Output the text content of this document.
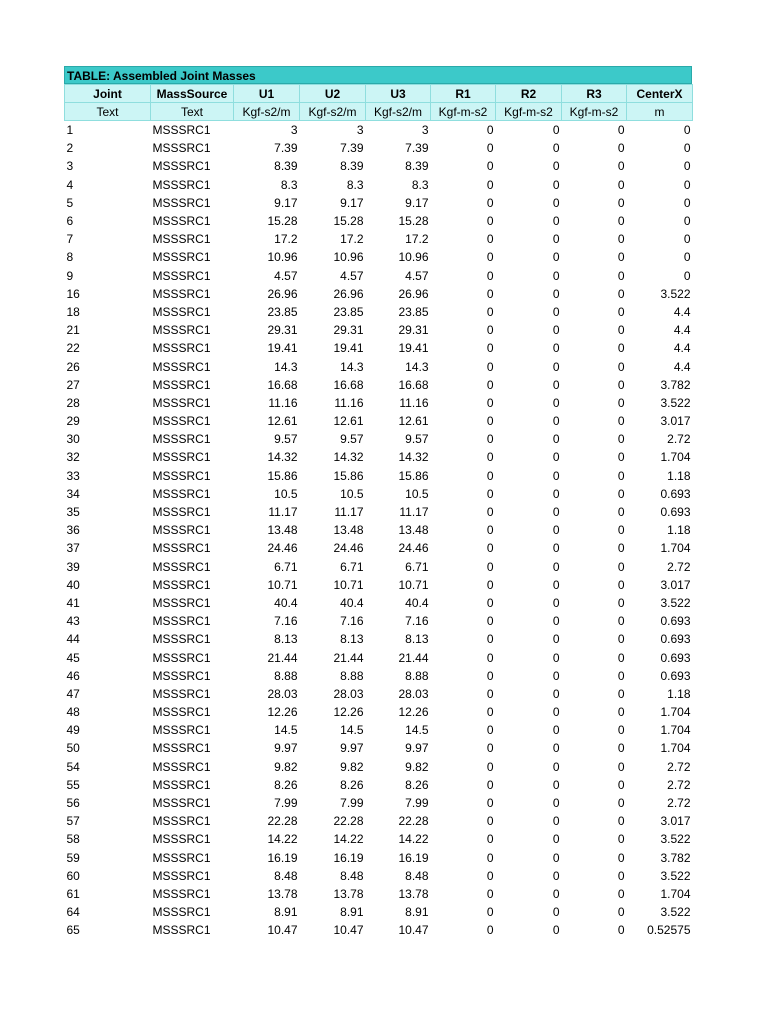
TABLE: Assembled Joint Masses
Joint	MassSource	U1	U2	U3	R1	R2	R3	CenterX
Text	Text	Kgf-s2/m	Kgf-s2/m	Kgf-s2/m	Kgf-m-s2	Kgf-m-s2	Kgf-m-s2	m
1	MSSSRC1	3	3	3	0	0	0	0
2	MSSSRC1	7.39	7.39	7.39	0	0	0	0
3	MSSSRC1	8.39	8.39	8.39	0	0	0	0
4	MSSSRC1	8.3	8.3	8.3	0	0	0	0
5	MSSSRC1	9.17	9.17	9.17	0	0	0	0
6	MSSSRC1	15.28	15.28	15.28	0	0	0	0
7	MSSSRC1	17.2	17.2	17.2	0	0	0	0
8	MSSSRC1	10.96	10.96	10.96	0	0	0	0
9	MSSSRC1	4.57	4.57	4.57	0	0	0	0
16	MSSSRC1	26.96	26.96	26.96	0	0	0	3.522
18	MSSSRC1	23.85	23.85	23.85	0	0	0	4.4
21	MSSSRC1	29.31	29.31	29.31	0	0	0	4.4
22	MSSSRC1	19.41	19.41	19.41	0	0	0	4.4
26	MSSSRC1	14.3	14.3	14.3	0	0	0	4.4
27	MSSSRC1	16.68	16.68	16.68	0	0	0	3.782
28	MSSSRC1	11.16	11.16	11.16	0	0	0	3.522
29	MSSSRC1	12.61	12.61	12.61	0	0	0	3.017
30	MSSSRC1	9.57	9.57	9.57	0	0	0	2.72
32	MSSSRC1	14.32	14.32	14.32	0	0	0	1.704
33	MSSSRC1	15.86	15.86	15.86	0	0	0	1.18
34	MSSSRC1	10.5	10.5	10.5	0	0	0	0.693
35	MSSSRC1	11.17	11.17	11.17	0	0	0	0.693
36	MSSSRC1	13.48	13.48	13.48	0	0	0	1.18
37	MSSSRC1	24.46	24.46	24.46	0	0	0	1.704
39	MSSSRC1	6.71	6.71	6.71	0	0	0	2.72
40	MSSSRC1	10.71	10.71	10.71	0	0	0	3.017
41	MSSSRC1	40.4	40.4	40.4	0	0	0	3.522
43	MSSSRC1	7.16	7.16	7.16	0	0	0	0.693
44	MSSSRC1	8.13	8.13	8.13	0	0	0	0.693
45	MSSSRC1	21.44	21.44	21.44	0	0	0	0.693
46	MSSSRC1	8.88	8.88	8.88	0	0	0	0.693
47	MSSSRC1	28.03	28.03	28.03	0	0	0	1.18
48	MSSSRC1	12.26	12.26	12.26	0	0	0	1.704
49	MSSSRC1	14.5	14.5	14.5	0	0	0	1.704
50	MSSSRC1	9.97	9.97	9.97	0	0	0	1.704
54	MSSSRC1	9.82	9.82	9.82	0	0	0	2.72
55	MSSSRC1	8.26	8.26	8.26	0	0	0	2.72
56	MSSSRC1	7.99	7.99	7.99	0	0	0	2.72
57	MSSSRC1	22.28	22.28	22.28	0	0	0	3.017
58	MSSSRC1	14.22	14.22	14.22	0	0	0	3.522
59	MSSSRC1	16.19	16.19	16.19	0	0	0	3.782
60	MSSSRC1	8.48	8.48	8.48	0	0	0	3.522
61	MSSSRC1	13.78	13.78	13.78	0	0	0	1.704
64	MSSSRC1	8.91	8.91	8.91	0	0	0	3.522
65	MSSSRC1	10.47	10.47	10.47	0	0	0	0.52575
